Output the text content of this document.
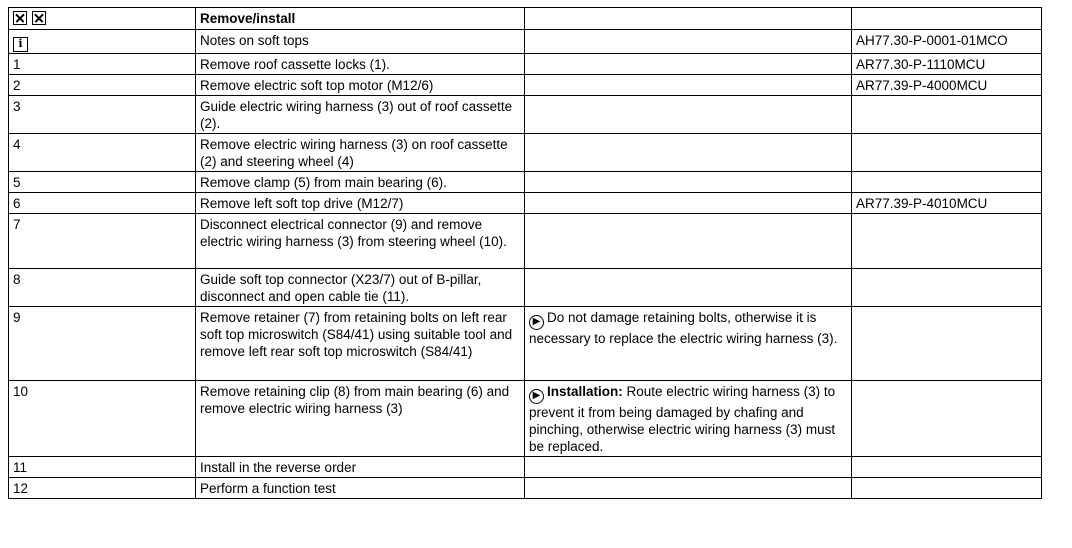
	Remove/install		
i	Notes on soft tops		AH77.30-P-0001-01MCO
1	Remove roof cassette locks (1).		AR77.30-P-1110MCU
2	Remove electric soft top motor (M12/6)		AR77.39-P-4000MCU
3	Guide electric wiring harness (3) out of roof cassette (2).		
4	Remove electric wiring harness (3) on roof cassette (2) and steering wheel (4)		
5	Remove clamp (5) from main bearing (6).		
6	Remove left soft top drive (M12/7)		AR77.39-P-4010MCU
7	Disconnect electrical connector (9) and remove electric wiring harness (3) from steering wheel (10).		
8	Guide soft top connector (X23/7) out of B-pillar, disconnect and open cable tie (11).		
9	Remove retainer (7) from retaining bolts on left rear soft top microswitch (S84/41) using suitable tool and remove left rear soft top microswitch (S84/41)	▶ Do not damage retaining bolts, otherwise it is necessary to replace the electric wiring harness (3).	
10	Remove retaining clip (8) from main bearing (6) and remove electric wiring harness (3)	▶ Installation: Route electric wiring harness (3) to prevent it from being damaged by chafing and pinching, otherwise electric wiring harness (3) must be replaced.	
11	Install in the reverse order		
12	Perform a function test		
